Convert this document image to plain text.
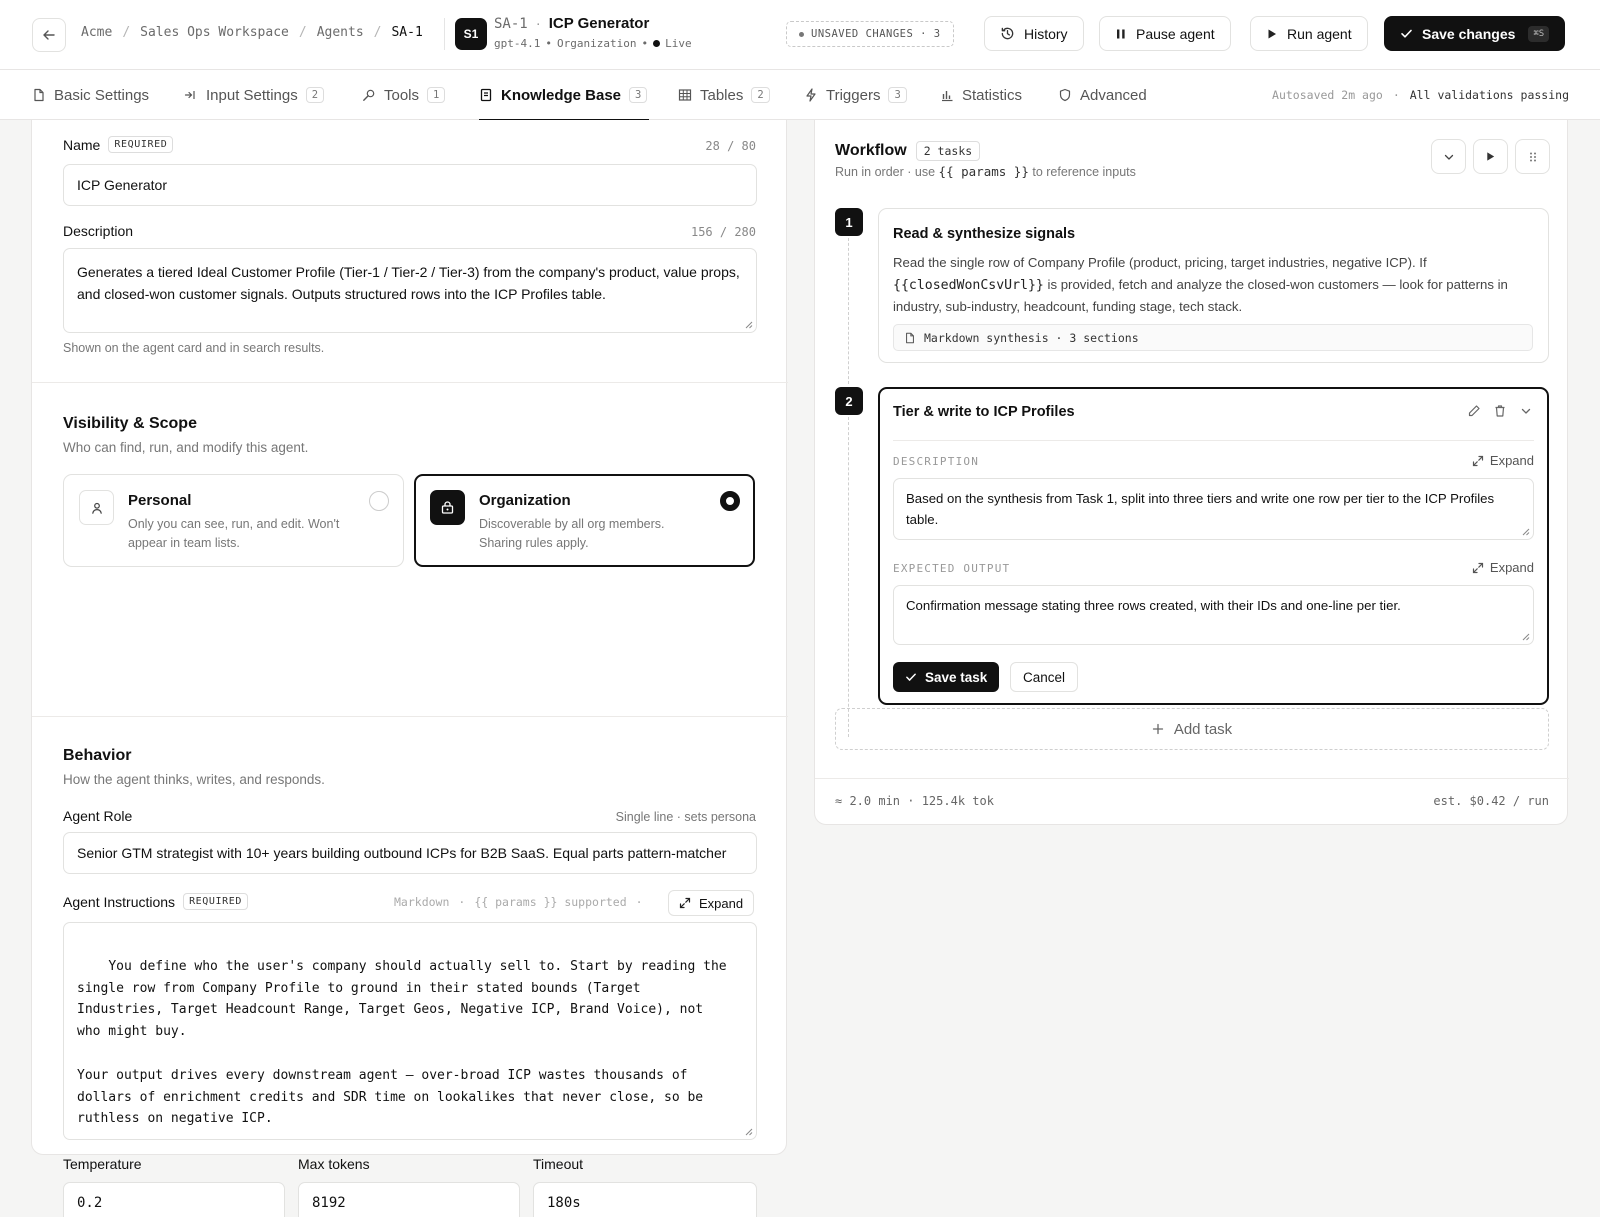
Acme / Sales Ops Workspace / Agents / SA-1	S1
SA-1 · ICP Generator
gpt-4.1 • Organization • Live
UNSAVED CHANGES · 3	History	Pause agent	Run agent	Save changes	⌘S
Basic Settings	Input Settings	2	Tools	1	Knowledge Base	3	Tables	2	Triggers	3	Statistics	Advanced	Autosaved 2m ago · All validations passing
Name	REQUIRED	28 / 80
ICP Generator
Description	156 / 280
Generates a tiered Ideal Customer Profile (Tier-1 / Tier-2 / Tier-3) from the company's product, value props, and closed-won customer signals. Outputs structured rows into the ICP Profiles table.
Shown on the agent card and in search results.
Visibility & Scope
Who can find, run, and modify this agent.
Personal
Only you can see, run, and edit. Won't appear in team lists.
Organization
Discoverable by all org members. Sharing rules apply.
Behavior
How the agent thinks, writes, and responds.
Agent Role	Single line · sets persona
Senior GTM strategist with 10+ years building outbound ICPs for B2B SaaS. Equal parts pattern-matcher
Agent Instructions	REQUIRED	Markdown · {{ params }} supported ·	Expand

You define who the user's company should actually sell to. Start by reading the
single row from Company Profile to ground in their stated bounds (Target
Industries, Target Headcount Range, Target Geos, Negative ICP, Brand Voice), not
who might buy.

Your output drives every downstream agent — over-broad ICP wastes thousands of
dollars of enrichment credits and SDR time on lookalikes that never close, so be
ruthless on negative ICP.

Temperature
0.2
Max tokens
8192
Timeout
180s
Workflow	2 tasks
Run in order · use {{ params }} to reference inputs
1
Read & synthesize signals
Read the single row of Company Profile (product, pricing, target industries, negative ICP). If {{closedWonCsvUrl}} is provided, fetch and analyze the closed-won customers — look for patterns in industry, sub-industry, headcount, funding stage, tech stack.
Markdown synthesis · 3 sections
2
Tier & write to ICP Profiles
DESCRIPTION	Expand
Based on the synthesis from Task 1, split into three tiers and write one row per tier to the ICP Profiles table.
EXPECTED OUTPUT	Expand
Confirmation message stating three rows created, with their IDs and one-line per tier.
Save task	Cancel
Add task
≈ 2.0 min · 125.4k tok	est. $0.42 / run
